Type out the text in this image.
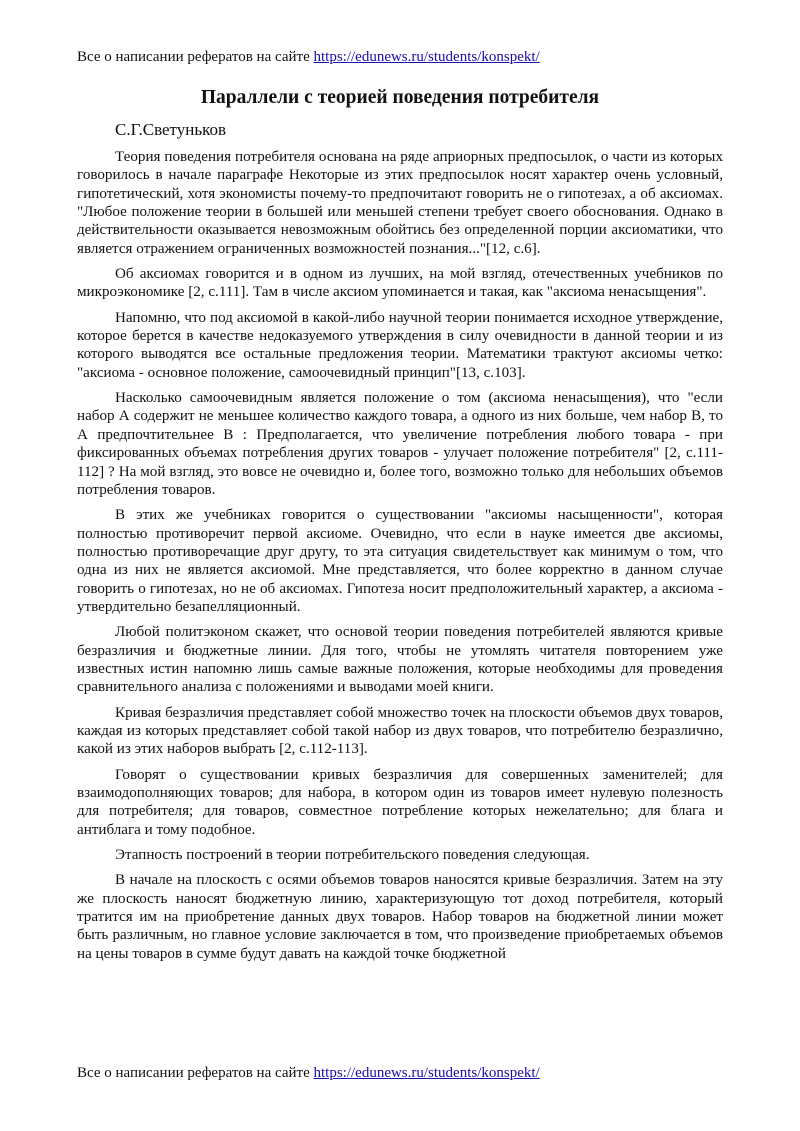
Все о написании рефератов на сайте https://edunews.ru/students/konspekt/
Параллели с теорией поведения потребителя
С.Г.Светуньков

Теория поведения потребителя основана на ряде априорных предпосылок, о части из которых говорилось в начале параграфе Некоторые из этих предпосылок носят характер очень условный, гипотетический, хотя экономисты почему-то предпочитают говорить не о гипотезах, а об аксиомах. "Любое положение теории в большей или меньшей степени требует своего обоснования. Однако в действительности оказывается невозможным обойтись без определенной порции аксиоматики, что является отражением ограниченных возможностей познания..."[12, с.6].

Об аксиомах говорится и в одном из лучших, на мой взгляд, отечественных учебников по микроэкономике [2, с.111]. Там в числе аксиом упоминается и такая, как "аксиома ненасыщения".

Напомню, что под аксиомой в какой-либо научной теории понимается исходное утверждение, которое берется в качестве недоказуемого утверждения в силу очевидности в данной теории и из которого выводятся все остальные предложения теории. Математики трактуют аксиомы четко: "аксиома - основное положение, самоочевидный принцип"[13, с.103].

Насколько самоочевидным является положение о том (аксиома ненасыщения), что "если набор А содержит не меньшее количество каждого товара, а одного из них больше, чем набор В, то А предпочтительнее В : Предполагается, что увеличение потребления любого товара - при фиксированных объемах потребления других товаров - улучает положение потребителя" [2, с.111-112] ? На мой взгляд, это вовсе не очевидно и, более того, возможно только для небольших объемов потребления товаров.

В этих же учебниках говорится о существовании "аксиомы насыщенности", которая полностью противоречит первой аксиоме. Очевидно, что если в науке имеется две аксиомы, полностью противоречащие друг другу, то эта ситуация свидетельствует как минимум о том, что одна из них не является аксиомой. Мне представляется, что более корректно в данном случае говорить о гипотезах, но не об аксиомах. Гипотеза носит предположительный характер, а аксиома - утвердительно безапелляционный.

Любой политэконом скажет, что основой теории поведения потребителей являются кривые безразличия и бюджетные линии. Для того, чтобы не утомлять читателя повторением уже известных истин напомню лишь самые важные положения, которые необходимы для проведения сравнительного анализа с положениями и выводами моей книги.

Кривая безразличия представляет собой множество точек на плоскости объемов двух товаров, каждая из которых представляет собой такой набор из двух товаров, что потребителю безразлично, какой из этих наборов выбрать [2, с.112-113].

Говорят о существовании кривых безразличия для совершенных заменителей; для взаимодополняющих товаров; для набора, в котором один из товаров имеет нулевую полезность для потребителя; для товаров, совместное потребление которых нежелательно; для блага и антиблага и тому подобное.

Этапность построений в теории потребительского поведения следующая.

В начале на плоскость с осями объемов товаров наносятся кривые безразличия. Затем на эту же плоскость наносят бюджетную линию, характеризующую тот доход потребителя, который тратится им на приобретение данных двух товаров. Набор товаров на бюджетной линии может быть различным, но главное условие заключается в том, что произведение приобретаемых объемов на цены товаров в сумме будут давать на каждой точке бюджетной

Все о написании рефератов на сайте https://edunews.ru/students/konspekt/
